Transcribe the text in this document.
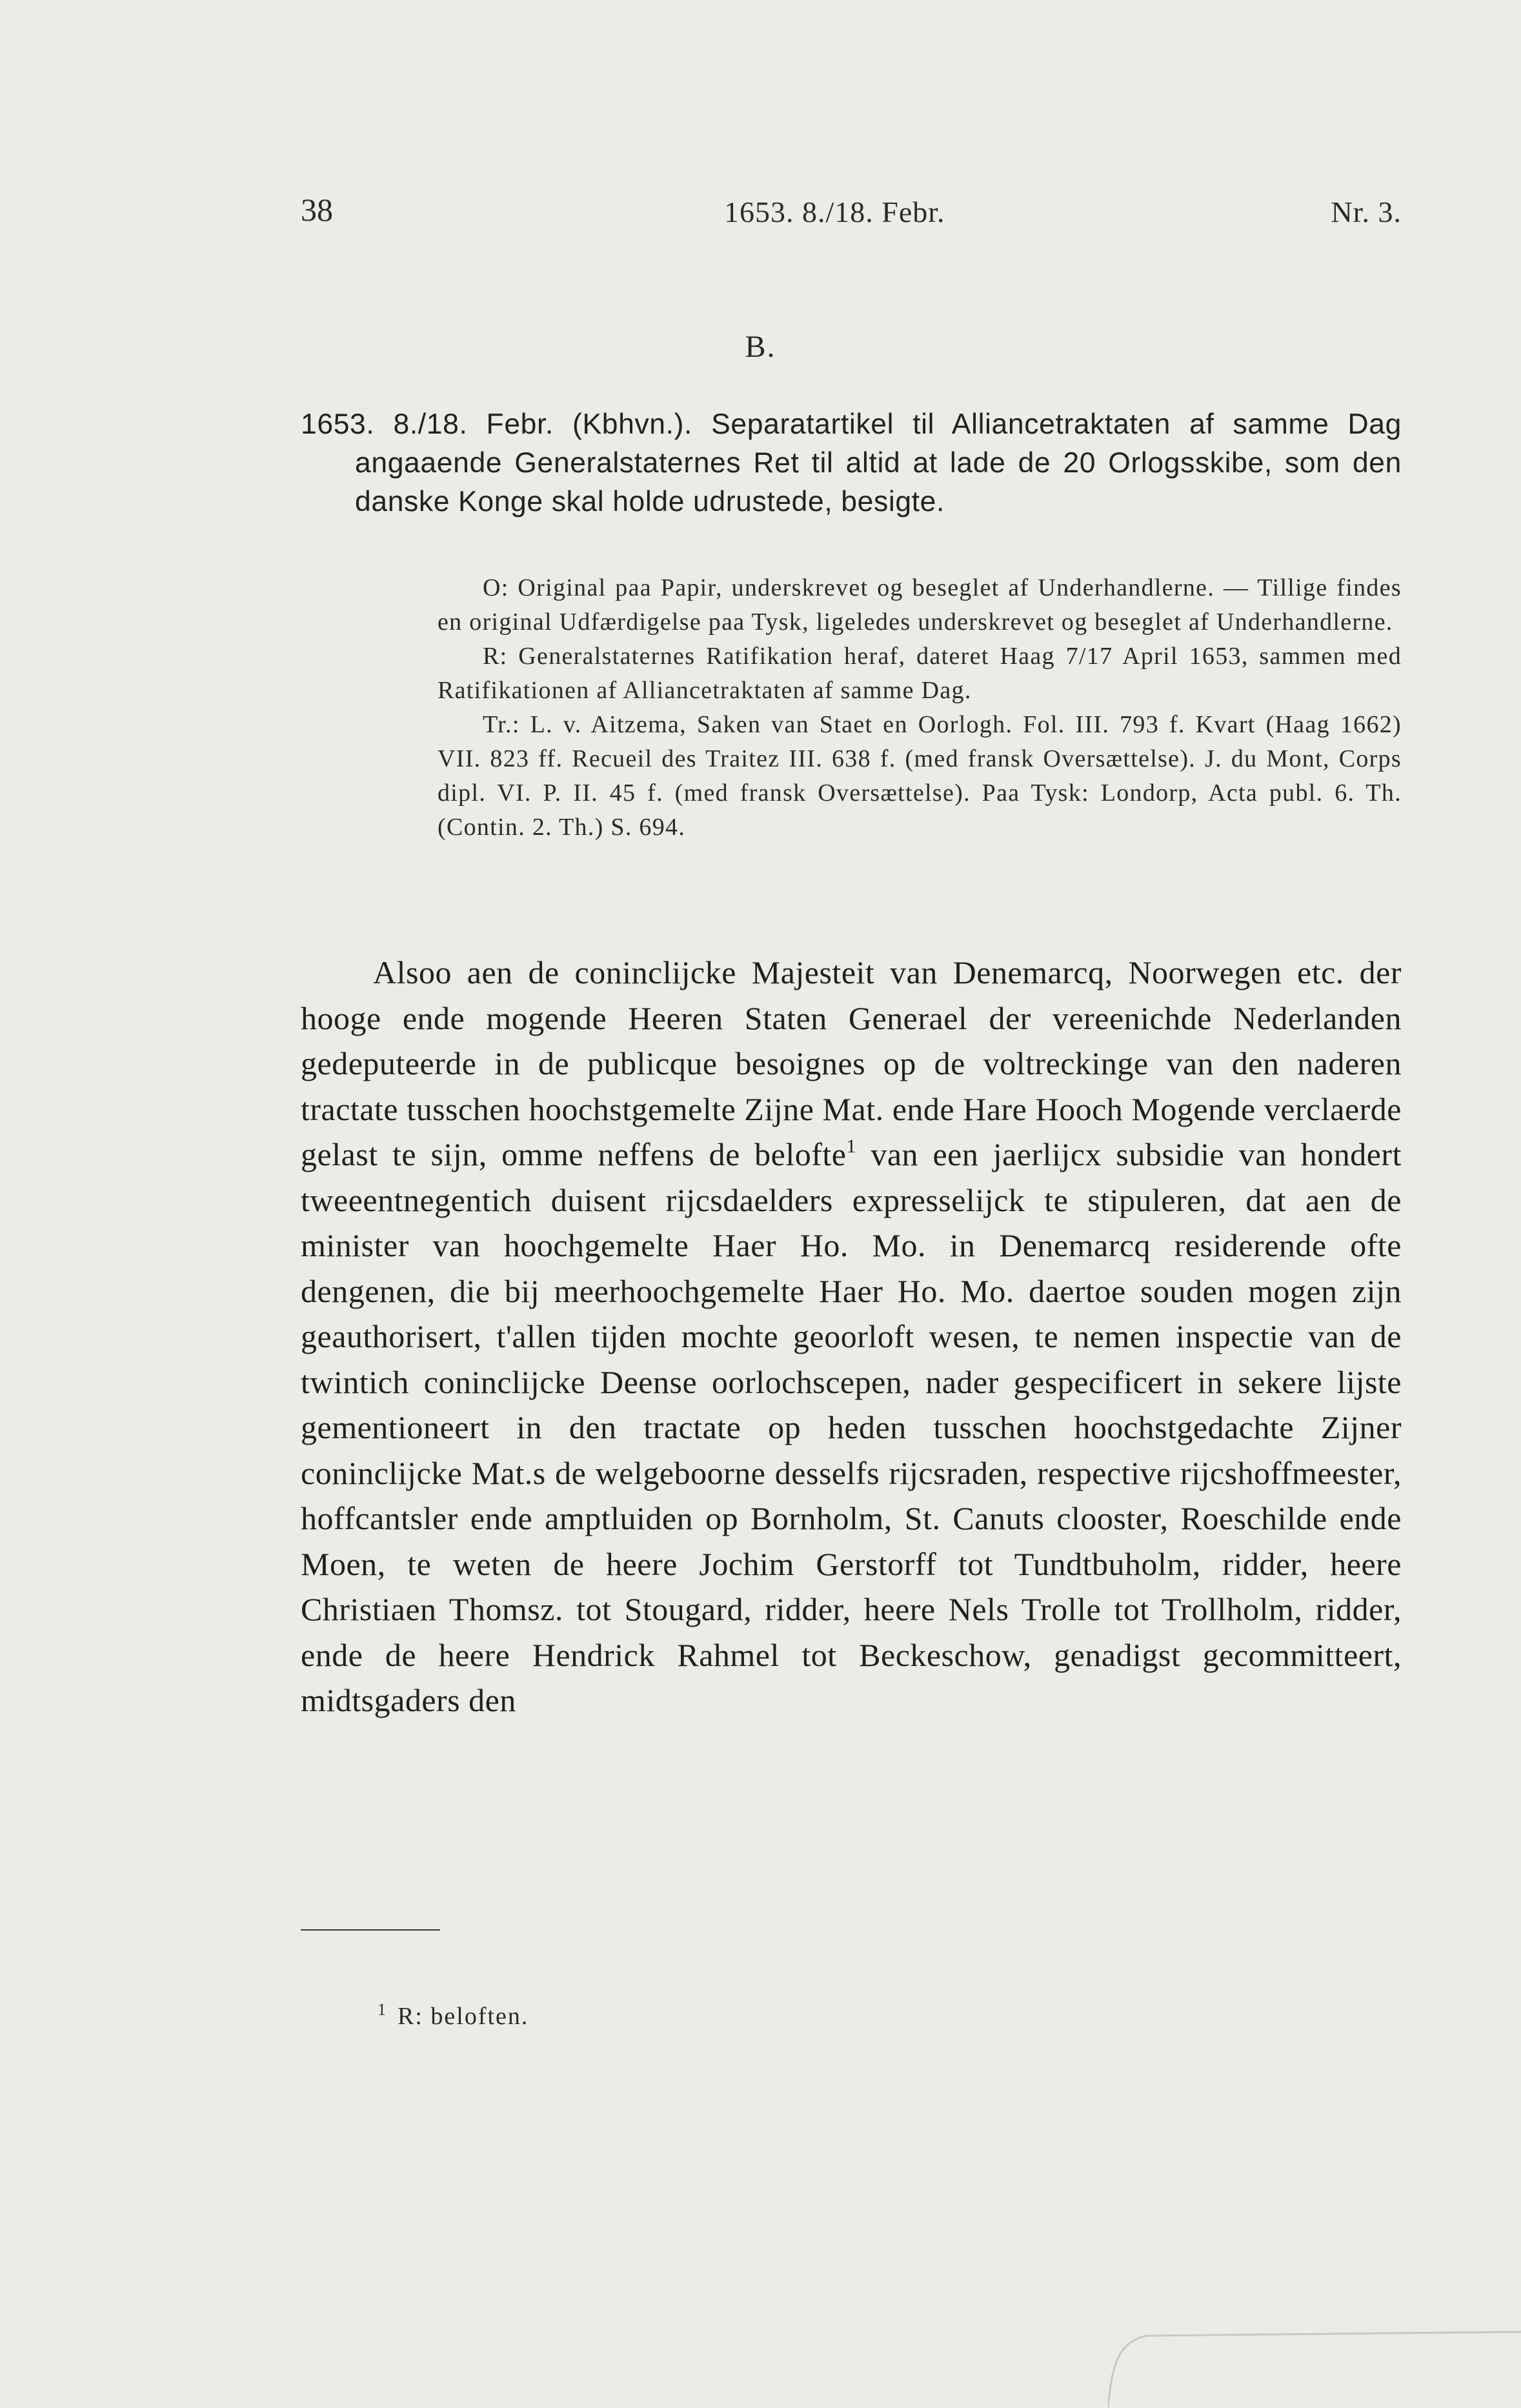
38	1653. 8./18. Febr.	Nr. 3.
B.

1653. 8./18. Febr. (Kbhvn.). Separatartikel til Alliancetraktaten af samme Dag angaaende Generalstaternes Ret til altid at lade de 20 Orlogsskibe, som den danske Konge skal holde udrustede, besigte.

O: Original paa Papir, underskrevet og beseglet af Underhandlerne. — Tillige findes en original Udfærdigelse paa Tysk, ligeledes underskrevet og beseglet af Underhandlerne.

R: Generalstaternes Ratifikation heraf, dateret Haag 7/17 April 1653, sammen med Ratifikationen af Alliancetraktaten af samme Dag.

Tr.: L. v. Aitzema, Saken van Staet en Oorlogh. Fol. III. 793 f. Kvart (Haag 1662) VII. 823 ff. Recueil des Traitez III. 638 f. (med fransk Oversættelse). J. du Mont, Corps dipl. VI. P. II. 45 f. (med fransk Oversættelse). Paa Tysk: Londorp, Acta publ. 6. Th. (Contin. 2. Th.) S. 694.

Alsoo aen de coninclijcke Majesteit van Denemarcq, Noorwegen etc. der hooge ende mogende Heeren Staten Generael der vereenichde Nederlanden gedeputeerde in de publicque besoignes op de voltreckinge van den naderen tractate tusschen hoochstgemelte Zijne Mat. ende Hare Hooch Mogende verclaerde gelast te sijn, omme neffens de belofte$^1$ van een jaerlijcx subsidie van hondert tweeentnegentich duisent rijcsdaelders expresselijck te stipuleren, dat aen de minister van hoochgemelte Haer Ho. Mo. in Denemarcq residerende ofte dengenen, die bij meerhoochgemelte Haer Ho. Mo. daertoe souden mogen zijn geauthorisert, t'allen tijden mochte geoorloft wesen, te nemen inspectie van de twintich coninclijcke Deense oorlochscepen, nader gespecificert in sekere lijste gementioneert in den tractate op heden tusschen hoochstgedachte Zijner coninclijcke Mat.s de welgeboorne desselfs rijcsraden, respective rijcshoffmeester, hoffcantsler ende amptluiden op Bornholm, St. Canuts clooster, Roeschilde ende Moen, te weten de heere Jochim Gerstorff tot Tundtbuholm, ridder, heere Christiaen Thomsz. tot Stougard, ridder, heere Nels Trolle tot Trollholm, ridder, ende de heere Hendrick Rahmel tot Beckeschow, genadigst gecommitteert, midtsgaders den

$^1$ R: beloften.
